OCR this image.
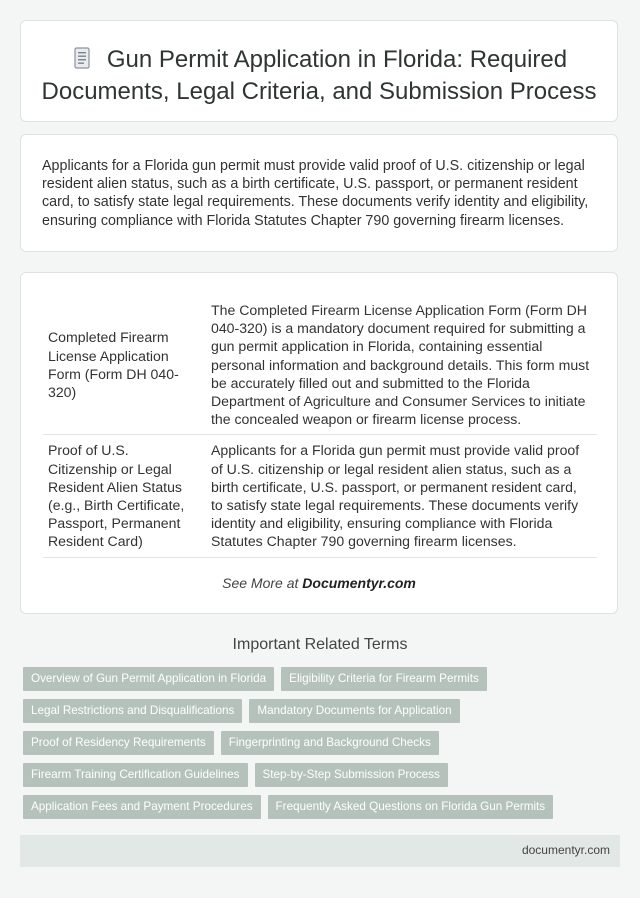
Gun Permit Application in Florida: Required Documents, Legal Criteria, and Submission Process

Applicants for a Florida gun permit must provide valid proof of U.S. citizenship or legal resident alien status, such as a birth certificate, U.S. passport, or permanent resident card, to satisfy state legal requirements. These documents verify identity and eligibility, ensuring compliance with Florida Statutes Chapter 790 governing firearm licenses.

Completed Firearm License Application Form (Form DH 040-320)	The Completed Firearm License Application Form (Form DH 040-320) is a mandatory document required for submitting a gun permit application in Florida, containing essential personal information and background details. This form must be accurately filled out and submitted to the Florida Department of Agriculture and Consumer Services to initiate the concealed weapon or firearm license process.
Proof of U.S. Citizenship or Legal Resident Alien Status (e.g., Birth Certificate, Passport, Permanent Resident Card)	Applicants for a Florida gun permit must provide valid proof of U.S. citizenship or legal resident alien status, such as a birth certificate, U.S. passport, or permanent resident card, to satisfy state legal requirements. These documents verify identity and eligibility, ensuring compliance with Florida Statutes Chapter 790 governing firearm licenses.
See More at Documentyr.com
Important Related Terms
Overview of Gun Permit Application in Florida	Eligibility Criteria for Firearm Permits
Legal Restrictions and Disqualifications	Mandatory Documents for Application
Proof of Residency Requirements	Fingerprinting and Background Checks
Firearm Training Certification Guidelines	Step-by-Step Submission Process
Application Fees and Payment Procedures	Frequently Asked Questions on Florida Gun Permits
documentyr.com
